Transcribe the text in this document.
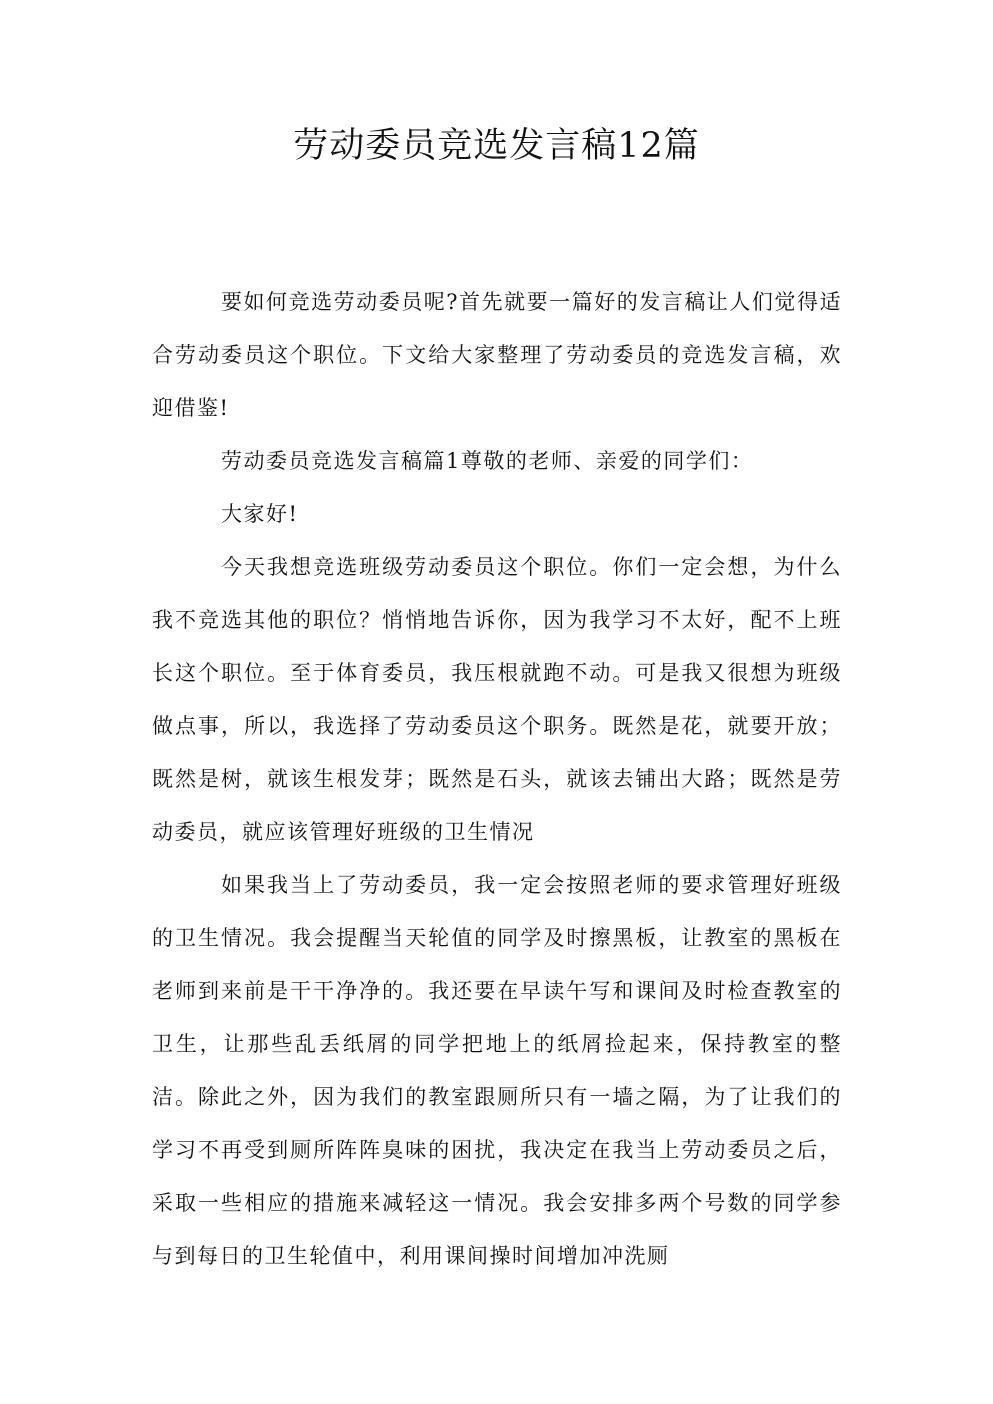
劳动委员竞选发言稿12篇

要如何竞选劳动委员呢?首先就要一篇好的发言稿让人们觉得适合劳动委员这个职位。下文给大家整理了劳动委员的竞选发言稿，欢迎借鉴!

劳动委员竞选发言稿篇1尊敬的老师、亲爱的同学们：

大家好!

今天我想竞选班级劳动委员这个职位。你们一定会想，为什么我不竞选其他的职位？悄悄地告诉你，因为我学习不太好，配不上班长这个职位。至于体育委员，我压根就跑不动。可是我又很想为班级做点事，所以，我选择了劳动委员这个职务。既然是花，就要开放；既然是树，就该生根发芽；既然是石头，就该去铺出大路；既然是劳动委员，就应该管理好班级的卫生情况

如果我当上了劳动委员，我一定会按照老师的要求管理好班级的卫生情况。我会提醒当天轮值的同学及时擦黑板，让教室的黑板在老师到来前是干干净净的。我还要在早读午写和课间及时检查教室的卫生，让那些乱丢纸屑的同学把地上的纸屑捡起来，保持教室的整洁。除此之外，因为我们的教室跟厕所只有一墙之隔，为了让我们的学习不再受到厕所阵阵臭味的困扰，我决定在我当上劳动委员之后，采取一些相应的措施来减轻这一情况。我会安排多两个号数的同学参与到每日的卫生轮值中，利用课间操时间增加冲洗厕
